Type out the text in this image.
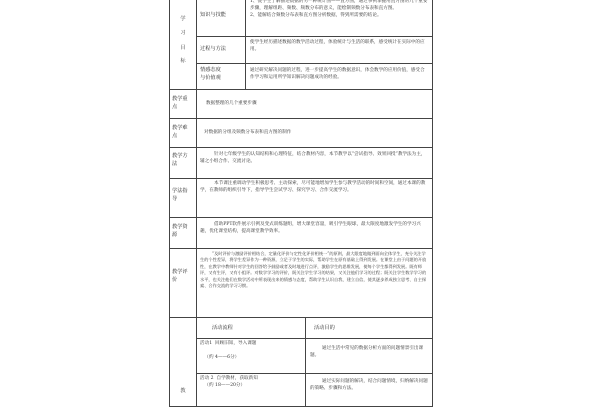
学
习
目
标
知识与技能
1、使学生了解描述数据的另一种统计图——直方图，通过事例掌握用直方图的几个重要步骤，理解组距、频数、频数分布的意义，能绘制频数分布表和直方图。
2、能解结合频数分布表和直方图分析数据，得到所需要的结论。
过程与方法
使学生经历描述数据的数学活动过程，体验统计与生活的联系，感受统计在实际中的应用。
情感态度
与价值观
通过研究解决问题的过程，进一步提高学生的数据意识，体会数学的应用价值，感受合作学习和运用所学知识解决问题成功的经验。
教学重
点
数据整理的几个重要步骤
教学难
点
对数据的分组及频数分布表和直方图的制作
教学方
法
针对七年级学生的认知结构和心理特征，结合教材内容，本节教学以“尝试指导、效果回授”教学法为主，辅之小组合作、交流讨论。
学法指
导
本节课注重调动学生积极思考、主动探索，尽可能地增加学生参与教学活动的时间和空间，通过本课的教学，在教师的组织引导下，指导学生尝试学习、探究学习、合作交流学习。
教学资
源
借助PPT软件展示引例及变式训练题组，增大课堂容量，吸引学生眼球，最大限度地激发学生的学习兴趣，优化课堂结构，提高课堂教学效率。
教学评
价
“及时评价与激励评价相结合，定量化评价与定性化评价相统一”的原则，最大限度地做到面向全体学生，充分关注学生的个性差异，将学生差异作为一种资源，立足于学生的实际，帮助学生在原有基础上得到发展。在课堂上由于问题的开放性，在教学中教师针对学生的回答给予鼓励或者及时地进行点评，激励学生的思维发展，使每个学生都得到发展。既有师评，又有生评，又有小组评。对数学学习的评价，既关注学生学习的结果，又关注他们学习的过程；既关注学生数学学习的水平，也关注他们在数学活动中所表现出来的情感与态度，帮助学生认识自我、建立自信，使其逐步养成独立思考、自主探索、合作交流的学习习惯。
教
活动流程	活动目的
活动1  回顾旧知，导入课题

（约 4——6分）
通过生活中常见的数据分析方面的问题情景引出课题。
活动 2  自学教材，获取新知
（约 18——20分）
通过实际问题的解决，结合问题情境，归纳解决问题的策略、步骤和方法。
